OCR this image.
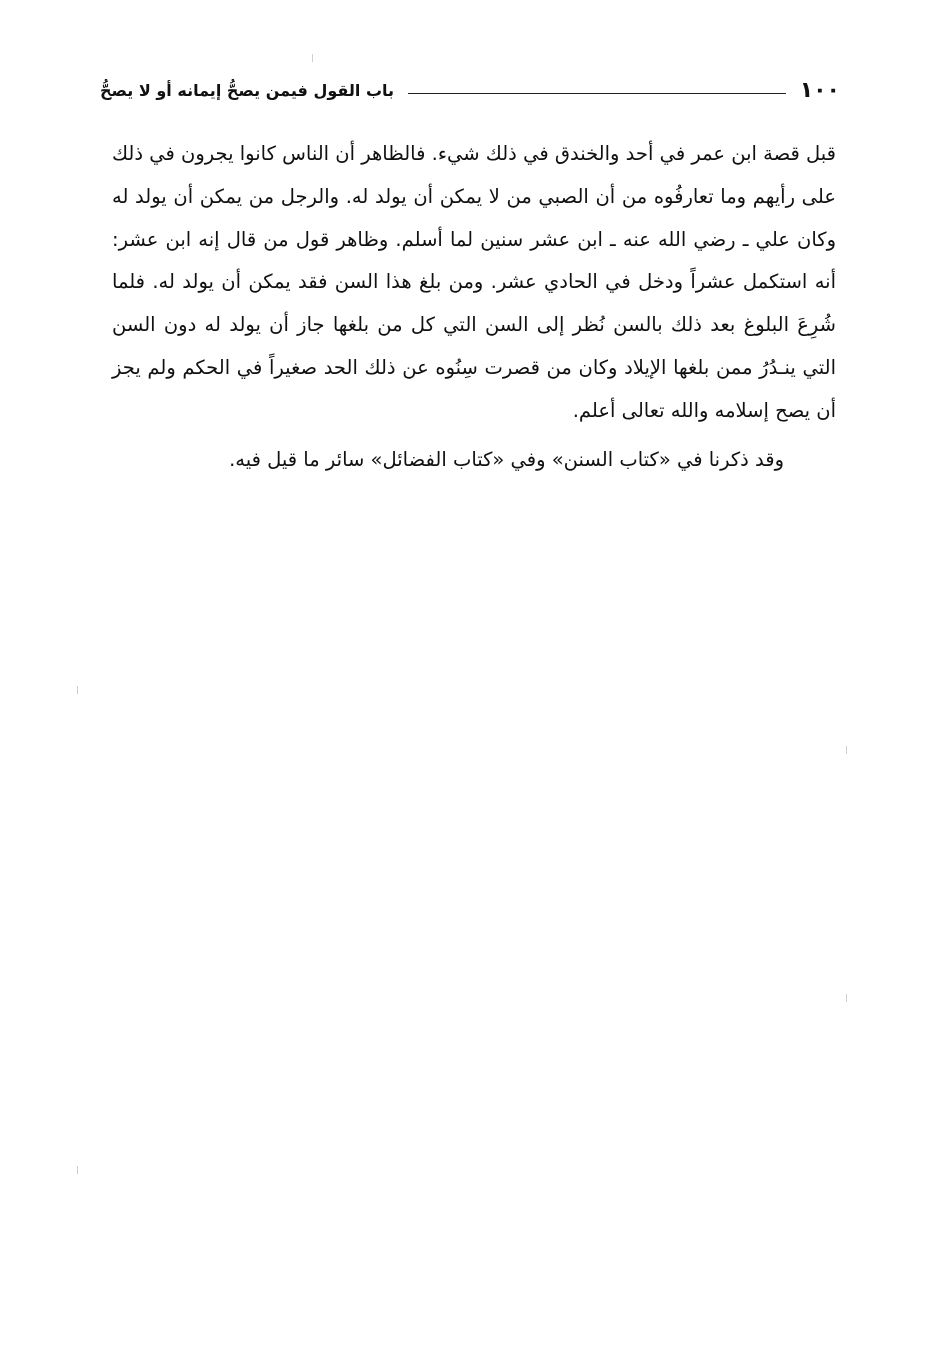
١٠٠
باب القول فيمن يصحُّ إيمانه أو لا يصحُّ

قبل قصة ابن عمر في أحد والخندق في ذلك شيء. فالظاهر أن الناس كانوا يجرون في ذلك على رأيهم وما تعارفُوه من أن الصبي من لا يمكن أن يولد له. والرجل من يمكن أن يولد له وكان علي ـ رضي الله عنه ـ ابن عشر سنين لما أسلم. وظاهر قول من قال إنه ابن عشر: أنه استكمل عشراً ودخل في الحادي عشر. ومن بلغ هذا السن فقد يمكن أن يولد له. فلما شُرِعَ البلوغ بعد ذلك بالسن نُظر إلى السن التي كل من بلغها جاز أن يولد له دون السن التي ينـدُرُ ممن بلغها الإيلاد وكان من قصرت سِنُوه عن ذلك الحد صغيراً في الحكم ولم يجز أن يصح إسلامه والله تعالى أعلم.

وقد ذكرنا في «كتاب السنن» وفي «كتاب الفضائل» سائر ما قيل فيه.
